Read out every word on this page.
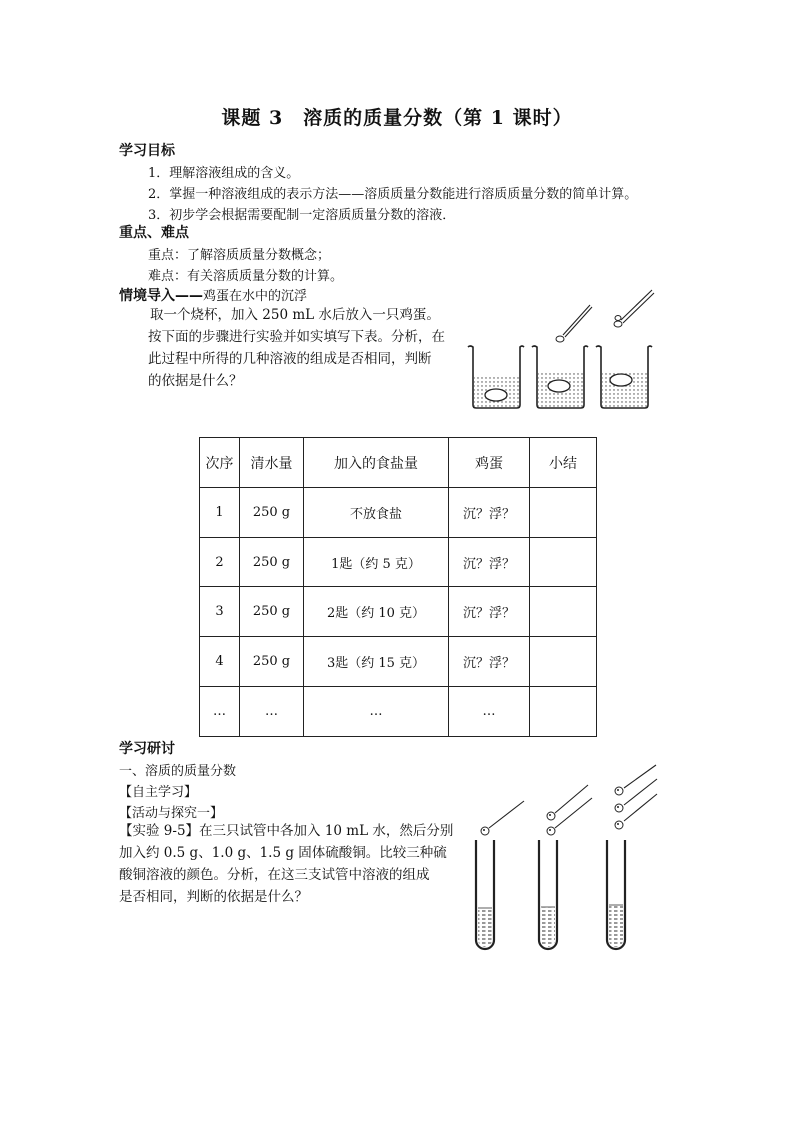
课题 3　溶质的质量分数（第 1 课时）
学习目标
1．理解溶液组成的含义。
2．掌握一种溶液组成的表示方法——溶质质量分数能进行溶质质量分数的简单计算。
3．初步学会根据需要配制一定溶质质量分数的溶液．
重点、难点
重点：了解溶质质量分数概念；
难点：有关溶质质量分数的计算。
情境导入——鸡蛋在水中的沉浮
取一个烧杯，加入 250 mL 水后放入一只鸡蛋。
按下面的步骤进行实验并如实填写下表。分析，在
此过程中所得的几种溶液的组成是否相同，判断
的依据是什么？
次序	清水量	加入的食盐量	鸡蛋	小结
1	250 g	不放食盐	沉？浮？	
2	250 g	1匙（约 5 克）	沉？浮？	
3	250 g	2匙（约 10 克）	沉？浮？	
4	250 g	3匙（约 15 克）	沉？浮？	
…	…	…	…	
学习研讨
一、溶质的质量分数
【自主学习】
【活动与探究一】
【实验 9-5】在三只试管中各加入 10 mL 水，然后分别
加入约 0.5 g、1.0 g、1.5 g 固体硫酸铜。比较三种硫
酸铜溶液的颜色。分析，在这三支试管中溶液的组成
是否相同，判断的依据是什么？
